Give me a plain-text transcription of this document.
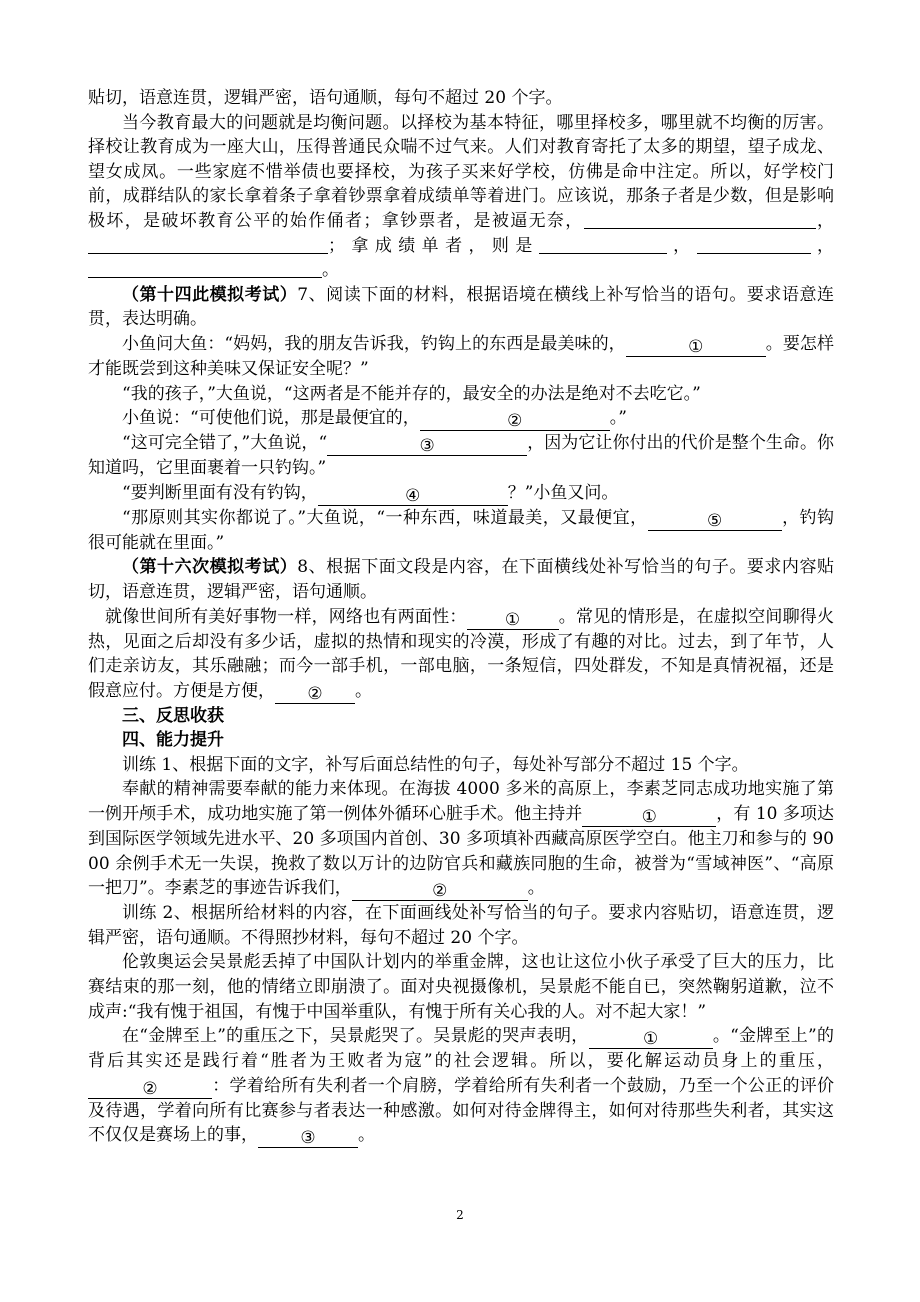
贴切，语意连贯，逻辑严密，语句通顺，每句不超过 20 个字。

当今教育最大的问题就是均衡问题。以择校为基本特征，哪里择校多，哪里就不均衡的厉害。择校让教育成为一座大山，压得普通民众喘不过气来。人们对教育寄托了太多的期望，望子成龙、望女成凤。一些家庭不惜举债也要择校，为孩子买来好学校，仿佛是命中注定。所以，好学校门前，成群结队的家长拿着条子拿着钞票拿着成绩单等着进门。应该说，那条子者是少数，但是影响极坏，是破坏教育公平的始作俑者；拿钞票者，是被逼无奈，	，；拿成绩单者，则是	，	，。

（第十四此模拟考试）7、阅读下面的材料，根据语境在横线上补写恰当的语句。要求语意连贯，表达明确。

小鱼问大鱼：“妈妈，我的朋友告诉我，钓钩上的东西是最美味的，	①	。要怎样才能既尝到这种美味又保证安全呢？”

“我的孩子，”大鱼说，“这两者是不能并存的，最安全的办法是绝对不去吃它。”

小鱼说：“可使他们说，那是最便宜的，	②	。”

“这可完全错了，”大鱼说，“	③	，因为它让你付出的代价是整个生命。你知道吗，它里面裹着一只钓钩。”

“要判断里面有没有钓钩，	④	？”小鱼又问。

“那原则其实你都说了。”大鱼说，“一种东西，味道最美，又最便宜，	⑤	，钓钩很可能就在里面。”

（第十六次模拟考试）8、根据下面文段是内容，在下面横线处补写恰当的句子。要求内容贴切，语意连贯，逻辑严密，语句通顺。

就像世间所有美好事物一样，网络也有两面性： ① 。常见的情形是，在虚拟空间聊得火热，见面之后却没有多少话，虚拟的热情和现实的冷漠，形成了有趣的对比。过去，到了年节，人们走亲访友，其乐融融；而今一部手机，一部电脑，一条短信，四处群发，不知是真情祝福，还是假意应付。方便是方便， ② 。

三、反思收获

四、能力提升

训练 1、根据下面的文字，补写后面总结性的句子，每处补写部分不超过 15 个字。

奉献的精神需要奉献的能力来体现。在海拔 4000 多米的高原上，李素芝同志成功地实施了第一例开颅手术，成功地实施了第一例体外循环心脏手术。他主持并	①	，有 10 多项达到国际医学领域先进水平、20 多项国内首创、30 多项填补西藏高原医学空白。他主刀和参与的 9000 余例手术无一失误，挽救了数以万计的边防官兵和藏族同胞的生命，被誉为“雪域神医”、“高原一把刀”。李素芝的事迹告诉我们，	②	。

训练 2、根据所给材料的内容，在下面画线处补写恰当的句子。要求内容贴切，语意连贯，逻辑严密，语句通顺。不得照抄材料，每句不超过 20 个字。

伦敦奥运会吴景彪丢掉了中国队计划内的举重金牌，这也让这位小伙子承受了巨大的压力，比赛结束的那一刻，他的情绪立即崩溃了。面对央视摄像机，吴景彪不能自已，突然鞠躬道歉，泣不成声:“我有愧于祖国，有愧于中国举重队，有愧于所有关心我的人。对不起大家！”

在“金牌至上”的重压之下，吴景彪哭了。吴景彪的哭声表明，	①	。“金牌至上”的背后其实还是践行着“胜者为王败者为寇”的社会逻辑。所以，要化解运动员身上的重压，②	：学着给所有失利者一个肩膀，学着给所有失利者一个鼓励，乃至一个公正的评价及待遇，学着向所有比赛参与者表达一种感激。如何对待金牌得主，如何对待那些失利者，其实这不仅仅是赛场上的事， ③ 。

2
